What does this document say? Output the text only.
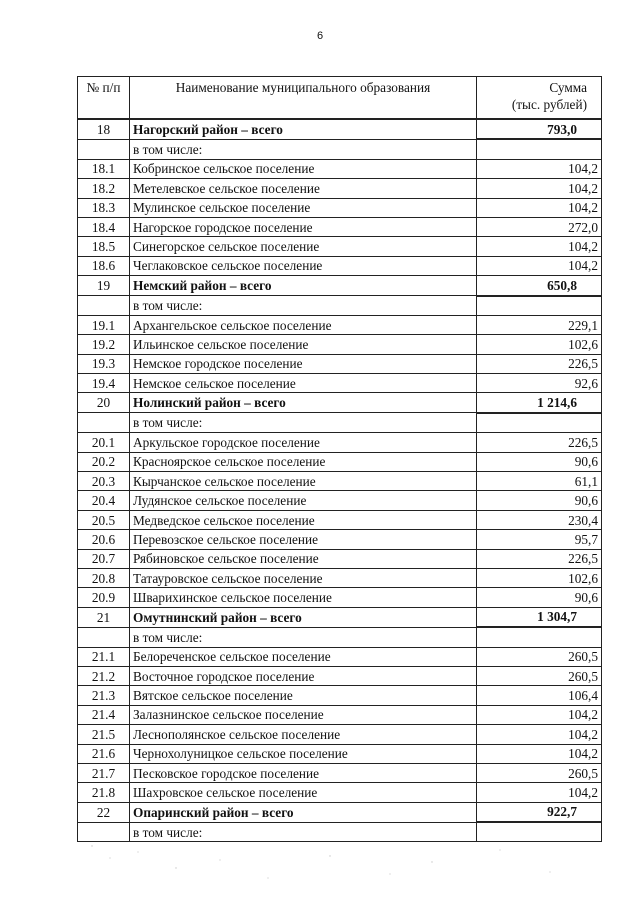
6
№ п/п	Наименование муниципального образования	Сумма
(тыс. рублей)

18	Нагорский район – всего	793,0
	в том числе:	
18.1	Кобринское сельское поселение	104,2
18.2	Метелевское сельское поселение	104,2
18.3	Мулинское сельское поселение	104,2
18.4	Нагорское городское поселение	272,0
18.5	Синегорское сельское поселение	104,2
18.6	Чеглаковское сельское поселение	104,2
19	Немский район – всего	650,8
	в том числе:	
19.1	Архангельское сельское поселение	229,1
19.2	Ильинское сельское поселение	102,6
19.3	Немское городское поселение	226,5
19.4	Немское сельское поселение	92,6
20	Нолинский район – всего	1 214,6
	в том числе:	
20.1	Аркульское городское поселение	226,5
20.2	Красноярское сельское поселение	90,6
20.3	Кырчанское сельское поселение	61,1
20.4	Лудянское сельское поселение	90,6
20.5	Медведское сельское поселение	230,4
20.6	Перевозское сельское поселение	95,7
20.7	Рябиновское сельское поселение	226,5
20.8	Татауровское сельское поселение	102,6
20.9	Шварихинское сельское поселение	90,6
21	Омутнинский район – всего	1 304,7
	в том числе:	
21.1	Белореченское сельское поселение	260,5
21.2	Восточное городское поселение	260,5
21.3	Вятское сельское поселение	106,4
21.4	Залазнинское сельское поселение	104,2
21.5	Леснополянское сельское поселение	104,2
21.6	Чернохолуницкое сельское поселение	104,2
21.7	Песковское городское поселение	260,5
21.8	Шахровское сельское поселение	104,2
22	Опаринский район – всего	922,7
	в том числе:	
